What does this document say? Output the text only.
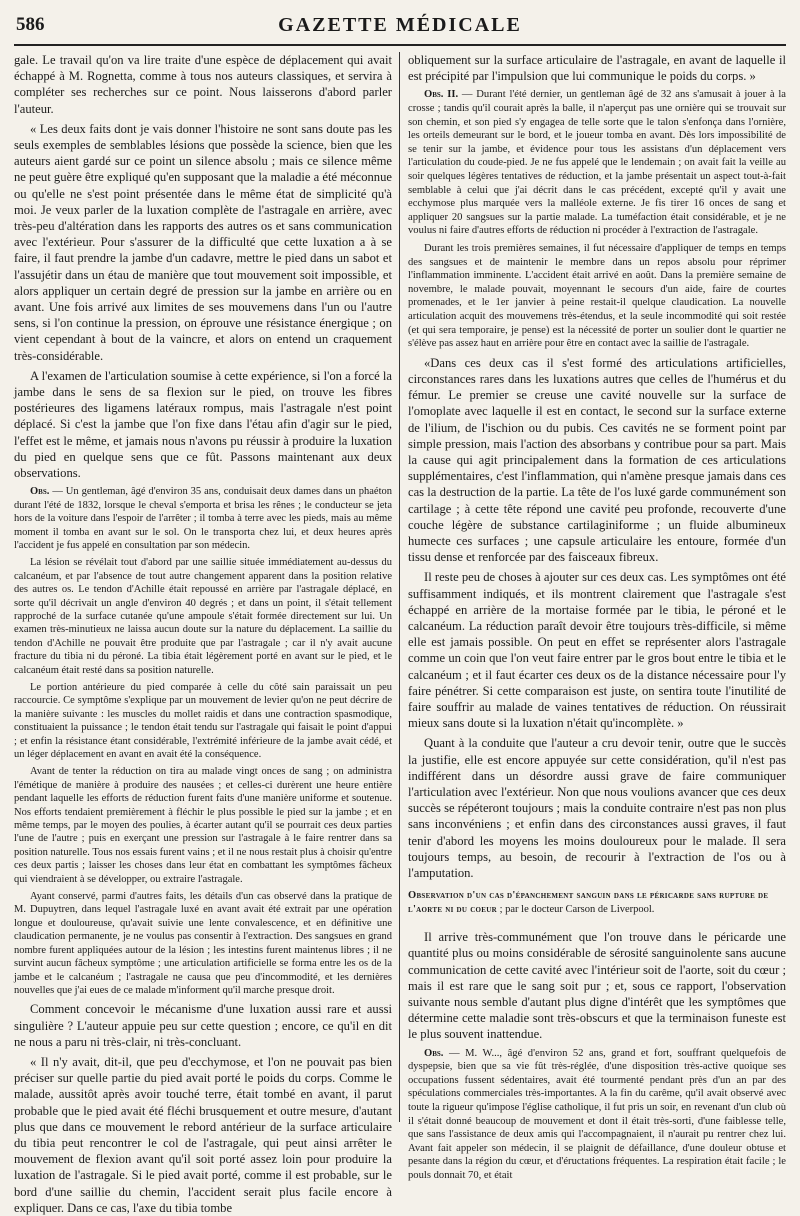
586	GAZETTE MÉDICALE

gale. Le travail qu'on va lire traite d'une espèce de déplacement qui avait échappé à M. Rognetta, comme à tous nos auteurs classiques, et servira à compléter ses recherches sur ce point. Nous laisserons d'abord parler l'auteur.

« Les deux faits dont je vais donner l'histoire ne sont sans doute pas les seuls exemples de semblables lésions que possède la science, bien que les auteurs aient gardé sur ce point un silence absolu ; mais ce silence même ne peut guère être expliqué qu'en supposant que la maladie a été méconnue ou qu'elle ne s'est point présentée dans le même état de simplicité qu'à moi. Je veux parler de la luxation complète de l'astragale en arrière, avec très-peu d'altération dans les rapports des autres os et sans communication avec l'extérieur. Pour s'assurer de la difficulté que cette luxation a à se faire, il faut prendre la jambe d'un cadavre, mettre le pied dans un sabot et l'assujétir dans un étau de manière que tout mouvement soit impossible, et alors appliquer un certain degré de pression sur la jambe en arrière ou en avant. Une fois arrivé aux limites de ses mouvemens dans l'un ou l'autre sens, si l'on continue la pression, on éprouve une résistance énergique ; on vient cependant à bout de la vaincre, et alors on entend un craquement très-considérable.

A l'examen de l'articulation soumise à cette expérience, si l'on a forcé la jambe dans le sens de sa flexion sur le pied, on trouve les fibres postérieures des ligamens latéraux rompus, mais l'astragale n'est point déplacé. Si c'est la jambe que l'on fixe dans l'étau afin d'agir sur le pied, l'effet est le même, et jamais nous n'avons pu réussir à produire la luxation du pied en quelque sens que ce fût. Passons maintenant aux deux observations.

Obs. — Un gentleman, âgé d'environ 35 ans, conduisait deux dames dans un phaéton durant l'été de 1832, lorsque le cheval s'emporta et brisa les rênes ; le conducteur se jeta hors de la voiture dans l'espoir de l'arrêter ; il tomba à terre avec les pieds, mais au même moment il tomba en avant sur le sol. On le transporta chez lui, et deux heures après l'accident je fus appelé en consultation par son médecin.

La lésion se révélait tout d'abord par une saillie située immédiatement au-dessus du calcanéum, et par l'absence de tout autre changement apparent dans la position relative des autres os. Le tendon d'Achille était repoussé en arrière par l'astragale déplacé, en sorte qu'il décrivait un angle d'environ 40 degrés ; et dans un point, il s'était tellement rapproché de la surface cutanée qu'une ampoule s'était formée directement sur lui. Un examen très-minutieux ne laissa aucun doute sur la nature du déplacement. La saillie du tendon d'Achille ne pouvait être produite que par l'astragale ; car il n'y avait aucune fracture du tibia ni du péroné. La tibia était légèrement porté en avant sur le pied, et le calcanéum était resté dans sa position naturelle.

Le portion antérieure du pied comparée à celle du côté sain paraissait un peu raccourcie. Ce symptôme s'explique par un mouvement de levier qu'on ne peut décrire de la manière suivante : les muscles du mollet raidis et dans une contraction spasmodique, constituaient la puissance ; le tendon était tendu sur l'astragale qui faisait le point d'appui ; et enfin la résistance étant considérable, l'extrémité inférieure de la jambe avait cédé, et un léger déplacement en avant en avait été la conséquence.

Avant de tenter la réduction on tira au malade vingt onces de sang ; on administra l'émétique de manière à produire des nausées ; et celles-ci durèrent une heure entière pendant laquelle les efforts de réduction furent faits d'une manière uniforme et soutenue. Nos efforts tendaient premièrement à fléchir le plus possible le pied sur la jambe ; et en même temps, par le moyen des poulies, à écarter autant qu'il se pourrait ces deux parties l'une de l'autre ; puis en exerçant une pression sur l'astragale à le faire rentrer dans sa position naturelle. Tous nos essais furent vains ; et il ne nous restait plus à choisir qu'entre ces deux partis ; laisser les choses dans leur état en combattant les symptômes fâcheux qui viendraient à se développer, ou extraire l'astragale.

Ayant conservé, parmi d'autres faits, les détails d'un cas observé dans la pratique de M. Dupuytren, dans lequel l'astragale luxé en avant avait été extrait par une opération longue et douloureuse, qu'avait suivie une lente convalescence, et en définitive une claudication permanente, je ne voulus pas consentir à l'extraction. Des sangsues en grand nombre furent appliquées autour de la lésion ; les intestins furent maintenus libres ; il ne survint aucun fâcheux symptôme ; une articulation artificielle se forma entre les os de la jambe et le calcanéum ; l'astragale ne causa que peu d'incommodité, et les dernières nouvelles que j'ai eues de ce malade m'informent qu'il marche presque droit.

Comment concevoir le mécanisme d'une luxation aussi rare et aussi singulière ? L'auteur appuie peu sur cette question ; encore, ce qu'il en dit ne nous a paru ni très-clair, ni très-concluant.

« Il n'y avait, dit-il, que peu d'ecchymose, et l'on ne pouvait pas bien préciser sur quelle partie du pied avait porté le poids du corps. Comme le malade, aussitôt après avoir touché terre, était tombé en avant, il parut probable que le pied avait été fléchi brusquement et outre mesure, d'autant plus que dans ce mouvement le rebord antérieur de la surface articulaire du tibia peut rencontrer le col de l'astragale, qui peut ainsi arrêter le mouvement de flexion avant qu'il soit porté assez loin pour produire la luxation de l'astragale. Si le pied avait porté, comme il est probable, sur le bord d'une saillie du chemin, l'accident serait plus facile encore à expliquer. Dans ce cas, l'axe du tibia tombe

obliquement sur la surface articulaire de l'astragale, en avant de laquelle il est précipité par l'impulsion que lui communique le poids du corps. »

Obs. II. — Durant l'été dernier, un gentleman âgé de 32 ans s'amusait à jouer à la crosse ; tandis qu'il courait après la balle, il n'aperçut pas une ornière qui se trouvait sur son chemin, et son pied s'y engagea de telle sorte que le talon s'enfonça dans l'ornière, les orteils demeurant sur le bord, et le joueur tomba en avant. Dès lors impossibilité de se tenir sur la jambe, et évidence pour tous les assistans d'un déplacement vers l'articulation du coude-pied. Je ne fus appelé que le lendemain ; on avait fait la veille au soir quelques légères tentatives de réduction, et la jambe présentait un aspect tout-à-fait semblable à celui que j'ai décrit dans le cas précédent, excepté qu'il y avait une ecchymose plus marquée vers la malléole externe. Je fis tirer 16 onces de sang et appliquer 20 sangsues sur la partie malade. La tuméfaction était considérable, et je ne voulus ni faire d'autres efforts de réduction ni procéder à l'extraction de l'astragale.

Durant les trois premières semaines, il fut nécessaire d'appliquer de temps en temps des sangsues et de maintenir le membre dans un repos absolu pour réprimer l'inflammation imminente. L'accident était arrivé en août. Dans la première semaine de novembre, le malade pouvait, moyennant le secours d'un aide, faire de courtes promenades, et le 1er janvier à peine restait-il quelque claudication. La nouvelle articulation acquit des mouvemens très-étendus, et la seule incommodité qui soit restée (et qui sera temporaire, je pense) est la nécessité de porter un soulier dont le quartier ne s'élève pas assez haut en arrière pour être en contact avec la saillie de l'astragale.

«Dans ces deux cas il s'est formé des articulations artificielles, circonstances rares dans les luxations autres que celles de l'humérus et du fémur. Le premier se creuse une cavité nouvelle sur la surface de l'omoplate avec laquelle il est en contact, le second sur la surface externe de l'ilium, de l'ischion ou du pubis. Ces cavités ne se forment point par simple pression, mais l'action des absorbans y contribue pour sa part. Mais la cause qui agit principalement dans la formation de ces articulations supplémentaires, c'est l'inflammation, qui n'amène presque jamais dans ces cas la destruction de la partie. La tête de l'os luxé garde communément son cartilage ; à cette tête répond une cavité peu profonde, recouverte d'une couche légère de substance cartilaginiforme ; un fluide albumineux humecte ces surfaces ; une capsule articulaire les entoure, formée d'un tissu dense et renforcée par des faisceaux fibreux.

Il reste peu de choses à ajouter sur ces deux cas. Les symptômes ont été suffisamment indiqués, et ils montrent clairement que l'astragale s'est échappé en arrière de la mortaise formée par le tibia, le péroné et le calcanéum. La réduction paraît devoir être toujours très-difficile, si même elle est jamais possible. On peut en effet se représenter alors l'astragale comme un coin que l'on veut faire entrer par le gros bout entre le tibia et le calcanéum ; et il faut écarter ces deux os de la distance nécessaire pour l'y faire pénétrer. Si cette comparaison est juste, on sentira toute l'inutilité de faire souffrir au malade de vaines tentatives de réduction. On réussirait mieux sans doute si la luxation n'était qu'incomplète. »

Quant à la conduite que l'auteur a cru devoir tenir, outre que le succès la justifie, elle est encore appuyée sur cette considération, qu'il n'est pas indifférent dans un désordre aussi grave de faire communiquer l'articulation avec l'extérieur. Non que nous voulions avancer que ces deux succès se répéteront toujours ; mais la conduite contraire n'est pas non plus sans inconvéniens ; et enfin dans des circonstances aussi graves, il faut tenir d'abord les moyens les moins douloureux pour le malade. Il sera toujours temps, au besoin, de recourir à l'extraction de l'os ou à l'amputation.

Observation d'un cas d'épanchement sanguin dans le péricarde sans rupture de l'aorte ni du coeur ; par le docteur Carson de Liverpool.

Il arrive très-communément que l'on trouve dans le péricarde une quantité plus ou moins considérable de sérosité sanguinolente sans aucune communication de cette cavité avec l'intérieur soit de l'aorte, soit du cœur ; mais il est rare que le sang soit pur ; et, sous ce rapport, l'observation suivante nous semble d'autant plus digne d'intérêt que les symptômes que détermine cette maladie sont très-obscurs et que la terminaison funeste est le plus souvent inattendue.

Obs. — M. W..., âgé d'environ 52 ans, grand et fort, souffrant quelquefois de dyspepsie, bien que sa vie fût très-réglée, d'une disposition très-active quoique ses occupations fussent sédentaires, avait été tourmenté pendant près d'un an par des spéculations commerciales très-importantes. A la fin du carême, qu'il avait observé avec toute la rigueur qu'impose l'église catholique, il fut pris un soir, en revenant d'un club où il s'était donné beaucoup de mouvement et dont il était très-sorti, d'une faiblesse telle, que sans l'assistance de deux amis qui l'accompagnaient, il n'aurait pu rentrer chez lui. Avant fait appeler son médecin, il se plaignit de défaillance, d'une douleur obtuse et pesante dans la région du cœur, et d'éructations fréquentes. La respiration était facile ; le pouls donnait 70, et était
